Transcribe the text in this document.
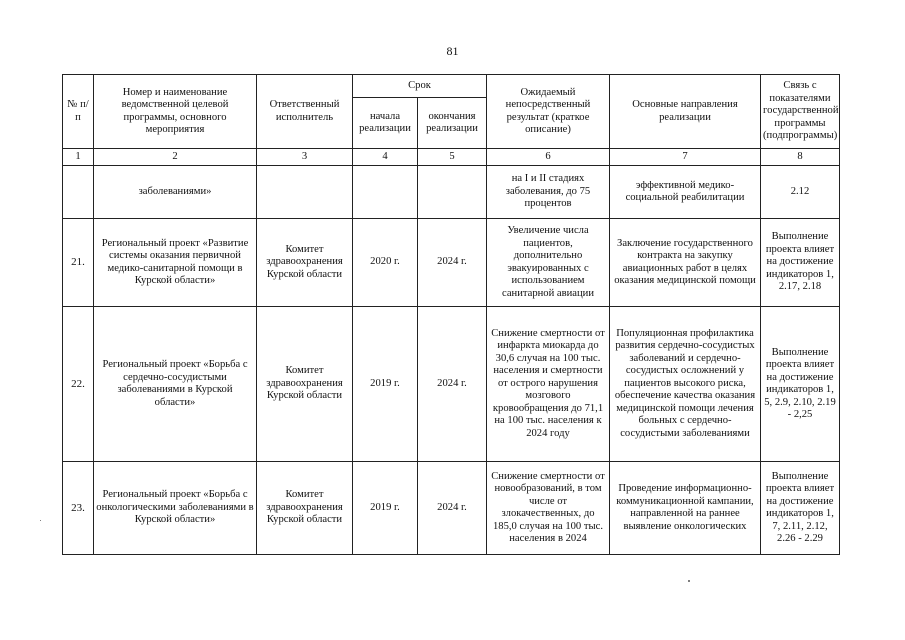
81
№ п/п	Номер и наименование ведомственной целевой программы, основного мероприятия	Ответственный исполнитель	Срок		Ожидаемый непосредственный результат (краткое описание)	Основные направления реализации	Связь с показателями государственной программы (подпрограммы)
			начала реализации	окончания реализации			
1	2	3	4	5	6	7	8
	заболеваниями»				на I и II стадиях заболевания, до 75 процентов	эффективной медико-социальной реабилитации	2.12
21.	Региональный проект «Развитие системы оказания первичной медико-санитарной помощи в Курской области»	Комитет здравоохранения Курской области	2020 г.	2024 г.	Увеличение числа пациентов, дополнительно эвакуированных с использованием санитарной авиации	Заключение государственного контракта на закупку авиационных работ в целях оказания медицинской помощи	Выполнение проекта влияет на достижение индикаторов 1, 2.17, 2.18
22.	Региональный проект «Борьба с сердечно-сосудистыми заболеваниями в Курской области»	Комитет здравоохранения Курской области	2019 г.	2024 г.	Снижение смертности от инфаркта миокарда до 30,6 случая на 100 тыс. населения и смертности от острого нарушения мозгового кровообращения до 71,1 на 100 тыс. населения к 2024 году	Популяционная профилактика развития сердечно-сосудистых заболеваний и сердечно-сосудистых осложнений у пациентов высокого риска, обеспечение качества оказания медицинской помощи лечения больных с сердечно-сосудистыми заболеваниями	Выполнение проекта влияет на достижение индикаторов 1, 5, 2.9, 2.10, 2.19 - 2,25
23.	Региональный проект «Борьба с онкологическими заболеваниями в Курской области»	Комитет здравоохранения Курской области	2019 г.	2024 г.	Снижение смертности от новообразований, в том числе от злокачественных, до 185,0 случая на 100 тыс. населения в 2024	Проведение информационно-коммуникационной кампании, направленной на раннее выявление онкологических	Выполнение проекта влияет на достижение индикаторов 1, 7, 2.11, 2.12, 2.26 - 2.29
